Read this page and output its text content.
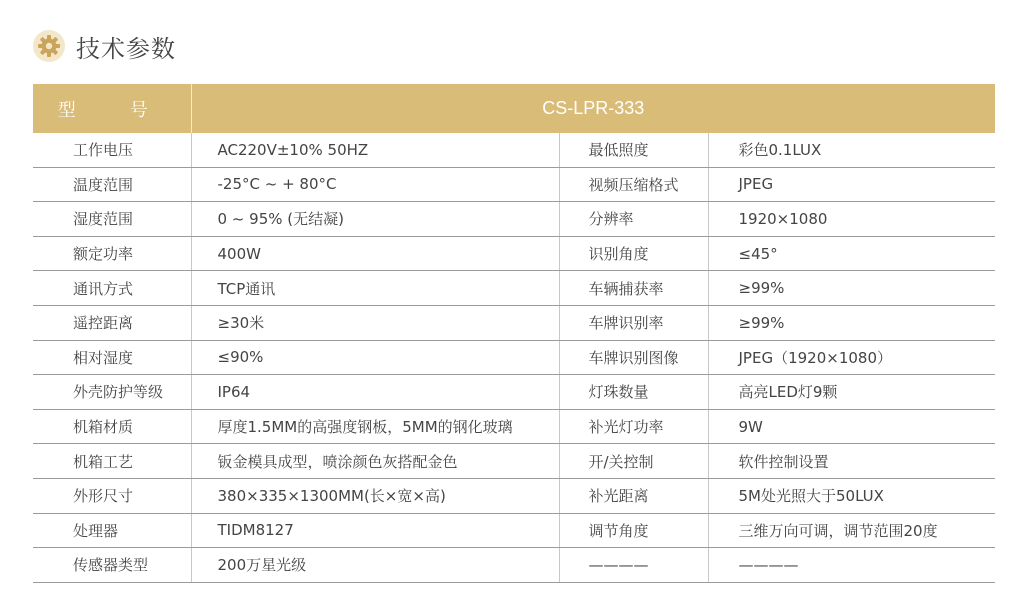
技术参数
型　号	CS-LPR-333		
工作电压	AC220V±10% 50HZ	最低照度	彩色0.1LUX
温度范围	-25°C ~ + 80°C	视频压缩格式	JPEG
湿度范围	0 ~ 95% (无结凝)	分辨率	1920×1080
额定功率	400W	识别角度	≤45°
通讯方式	TCP通讯	车辆捕获率	≥99%
遥控距离	≥30米	车牌识别率	≥99%
相对湿度	≤90%	车牌识别图像	JPEG（1920×1080）
外壳防护等级	IP64	灯珠数量	高亮LED灯9颗
机箱材质	厚度1.5MM的高强度钢板，5MM的钢化玻璃	补光灯功率	9W
机箱工艺	钣金模具成型，喷涂颜色灰搭配金色	开/关控制	软件控制设置
外形尺寸	380×335×1300MM(长×宽×高)	补光距离	5M处光照大于50LUX
处理器	TIDM8127	调节角度	三维万向可调，调节范围20度
传感器类型	200万星光级	————	————
